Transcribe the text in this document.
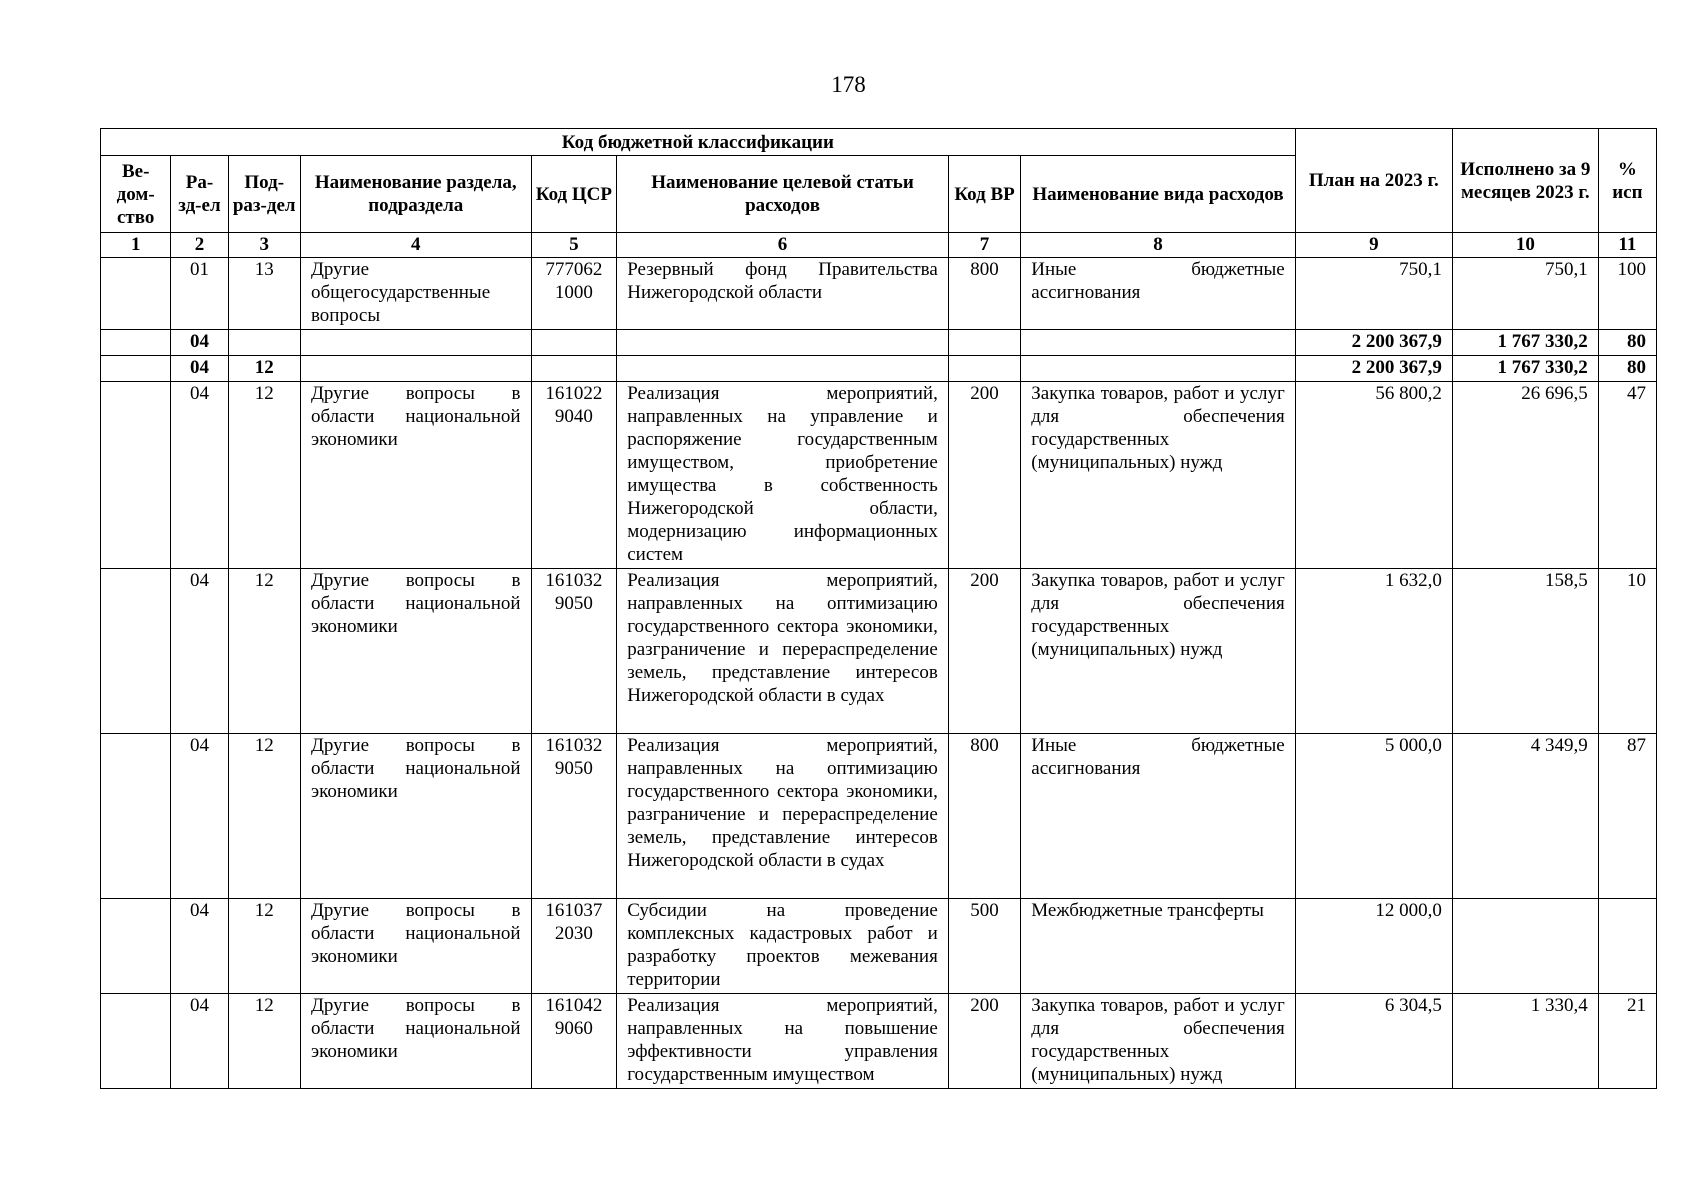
178
Код бюджетной классификации								План на 2023 г.	Исполнено за 9 месяцев 2023 г.	% исп
Ве-дом-ство	Ра-зд-ел	Под-раз-дел	Наименование раздела, подраздела	Код ЦСР	Наименование целевой статьи расходов	Код ВР	Наименование вида расходов			
1	2	3	4	5	6	7	8	9	10	11
	01	13	Другие общегосударственные вопросы	777062 1000	Резервный фонд Правительства Нижегородской области	800	Иные бюджетные ассигнования	750,1	750,1	100
	04							2 200 367,9	1 767 330,2	80
	04	12						2 200 367,9	1 767 330,2	80
	04	12	Другие вопросы в области национальной экономики	161022 9040	Реализация мероприятий, направленных на управление и распоряжение государственным имуществом, приобретение имущества в собственность Нижегородской области, модернизацию информационных систем	200	Закупка товаров, работ и услуг для обеспечения государственных (муниципальных) нужд	56 800,2	26 696,5	47
	04	12	Другие вопросы в области национальной экономики	161032 9050	Реализация мероприятий, направленных на оптимизацию государственного сектора экономики, разграничение и перераспределение земель, представление интересов Нижегородской области в судах	200	Закупка товаров, работ и услуг для обеспечения государственных (муниципальных) нужд	1 632,0	158,5	10
	04	12	Другие вопросы в области национальной экономики	161032 9050	Реализация мероприятий, направленных на оптимизацию государственного сектора экономики, разграничение и перераспределение земель, представление интересов Нижегородской области в судах	800	Иные бюджетные ассигнования	5 000,0	4 349,9	87
	04	12	Другие вопросы в области национальной экономики	161037 2030	Субсидии на проведение комплексных кадастровых работ и разработку проектов межевания территории	500	Межбюджетные трансферты	12 000,0		
	04	12	Другие вопросы в области национальной экономики	161042 9060	Реализация мероприятий, направленных на повышение эффективности управления государственным имуществом	200	Закупка товаров, работ и услуг для обеспечения государственных (муниципальных) нужд	6 304,5	1 330,4	21
